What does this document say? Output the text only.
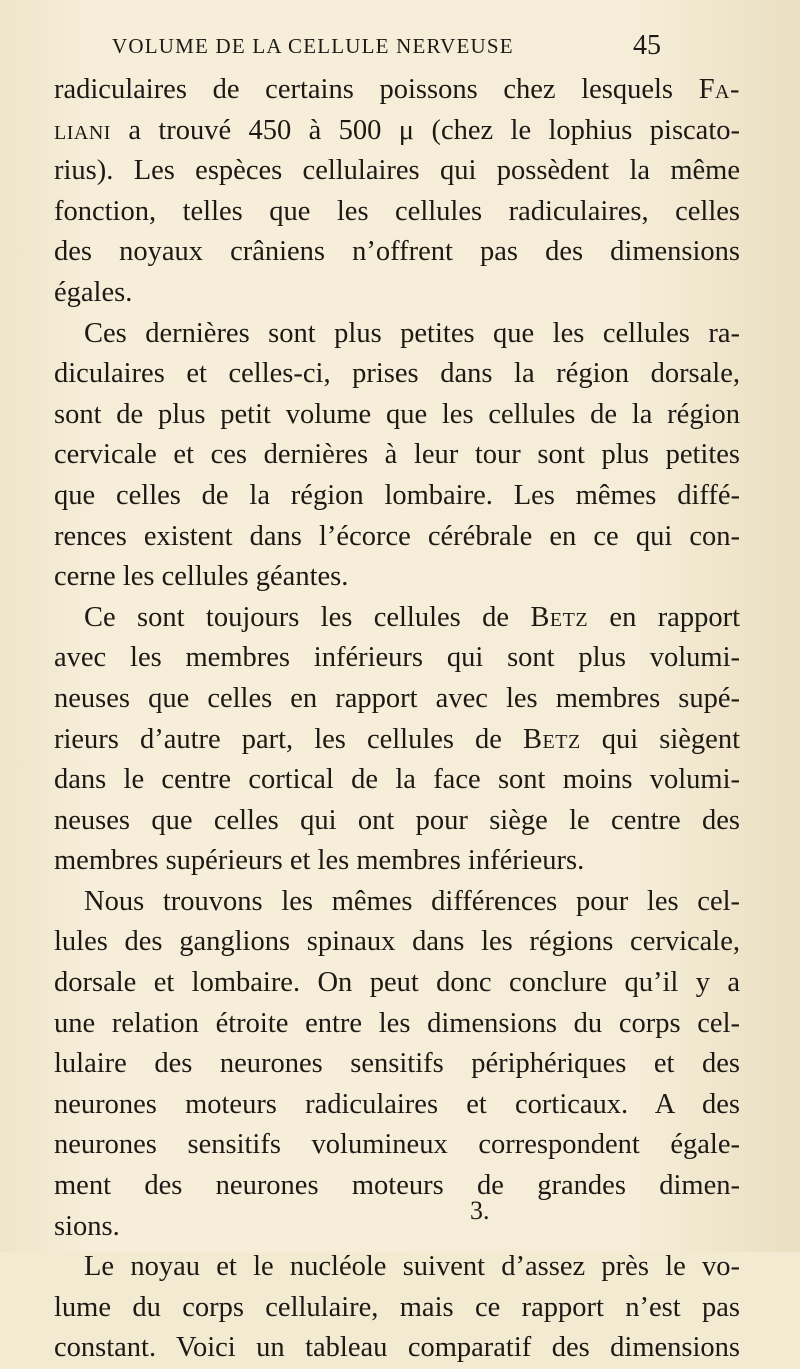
VOLUME DE LA CELLULE NERVEUSE	45
radiculaires de certains poissons chez lesquels Fa-
liani a trouvé 450 à 500 μ (chez le lophius piscato-
rius). Les espèces cellulaires qui possèdent la même
fonction, telles que les cellules radiculaires, celles
des noyaux crâniens n’offrent pas des dimensions
égales.
Ces dernières sont plus petites que les cellules ra-
diculaires et celles-ci, prises dans la région dorsale,
sont de plus petit volume que les cellules de la région
cervicale et ces dernières à leur tour sont plus petites
que celles de la région lombaire. Les mêmes diffé-
rences existent dans l’écorce cérébrale en ce qui con-
cerne les cellules géantes.
Ce sont toujours les cellules de Betz en rapport
avec les membres inférieurs qui sont plus volumi-
neuses que celles en rapport avec les membres supé-
rieurs d’autre part, les cellules de Betz qui siègent
dans le centre cortical de la face sont moins volumi-
neuses que celles qui ont pour siège le centre des
membres supérieurs et les membres inférieurs.
Nous trouvons les mêmes différences pour les cel-
lules des ganglions spinaux dans les régions cervicale,
dorsale et lombaire. On peut donc conclure qu’il y a
une relation étroite entre les dimensions du corps cel-
lulaire des neurones sensitifs périphériques et des
neurones moteurs radiculaires et corticaux. A des
neurones sensitifs volumineux correspondent égale-
ment des neurones moteurs de grandes dimen-
sions.
Le noyau et le nucléole suivent d’assez près le vo-
lume du corps cellulaire, mais ce rapport n’est pas
constant. Voici un tableau comparatif des dimensions
3.
